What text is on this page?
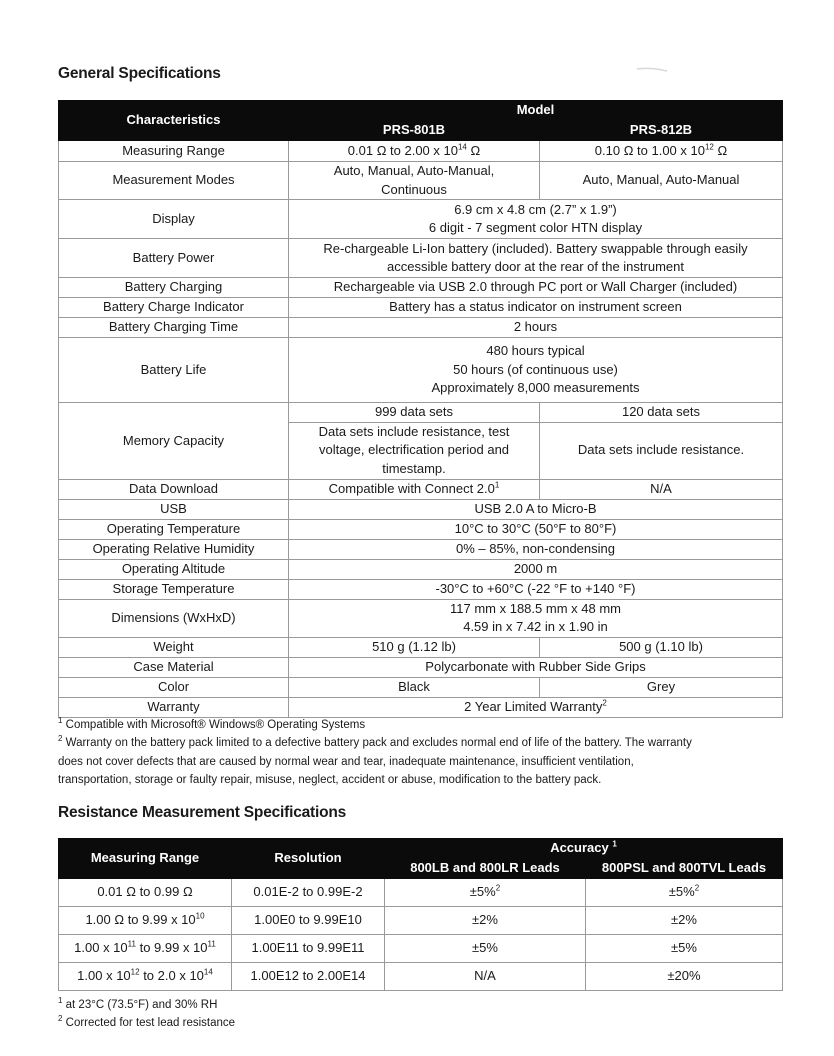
General Specifications
Characteristics	Model	
	PRS-801B	PRS-812B
Measuring Range	0.01 Ω to 2.00 x $10^{14}$ Ω	0.10 Ω to 1.00 x $10^{12}$ Ω
Measurement Modes	Auto, Manual, Auto-Manual, Continuous	Auto, Manual, Auto-Manual
Display	6.9 cm x 4.8 cm (2.7” x 1.9”)
6 digit - 7 segment color HTN display	

Battery Power	Re-chargeable Li-Ion battery (included). Battery swappable through easily accessible battery door at the rear of the instrument	
Battery Charging	Rechargeable via USB 2.0 through PC port or Wall Charger (included)	
Battery Charge Indicator	Battery has a status indicator on instrument screen	
Battery Charging Time	2 hours	
Battery Life	480 hours typical
50 hours (of continuous use)
Approximately 8,000 measurements	

Memory Capacity	999 data sets	120 data sets
	Data sets include resistance, test voltage, electrification period and timestamp.	Data sets include resistance.
Data Download	Compatible with Connect $2.0^1$	N/A
USB	USB 2.0 A to Micro-B	
Operating Temperature	10°C to 30°C (50°F to 80°F)	
Operating Relative Humidity	0% – 85%, non-condensing	
Operating Altitude	2000 m	
Storage Temperature	-30°C to +60°C (-22 °F to +140 °F)	
Dimensions (WxHxD)	117 mm x 188.5 mm x 48 mm
4.59 in x 7.42 in x 1.90 in	

Weight	510 g (1.12 lb)	500 g (1.10 lb)
Case Material	Polycarbonate with Rubber Side Grips	
Color	Black	Grey
Warranty	2 Year Limited Warranty$^2$
$^1$ Compatible with Microsoft® Windows® Operating Systems
$^2$ Warranty on the battery pack limited to a defective battery pack and excludes normal end of life of the battery. The warranty
does not cover defects that are caused by normal wear and tear, inadequate maintenance, insufficient ventilation,
transportation, storage or faulty repair, misuse, neglect, accident or abuse, modification to the battery pack.
Resistance Measurement Specifications
Measuring Range	Resolution	Accuracy $^1$
		800LB and 800LR Leads	800PSL and 800TVL Leads
0.01 Ω to 0.99 Ω	0.01E-2 to 0.99E-2	±5%$^2$	±5%$^2$
1.00 Ω to 9.99 x $10^{10}$	1.00E0 to 9.99E10	±2%	±2%
1.00 x $10^{11}$ to 9.99 x $10^{11}$	1.00E11 to 9.99E11	±5%	±5%
1.00 x $10^{12}$ to 2.0 x $10^{14}$	1.00E12 to 2.00E14	N/A	±20%
$^1$ at 23°C (73.5°F) and 30% RH
$^2$ Corrected for test lead resistance
